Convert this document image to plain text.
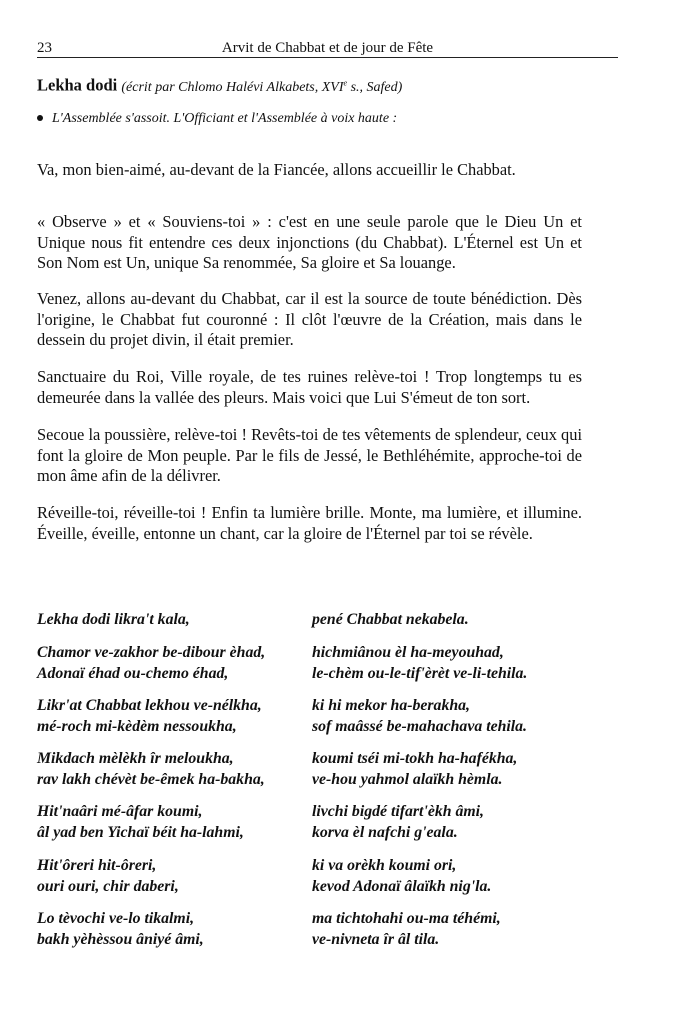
23	Arvit de Chabbat et de jour de Fête
Lekha dodi (écrit par Chlomo Halévi Alkabets, XVIe s., Safed)
L'Assemblée s'assoit. L'Officiant et l'Assemblée à voix haute :
Va, mon bien-aimé, au-devant de la Fiancée, allons accueillir le Chabbat.
« Observe » et « Souviens-toi » : c'est en une seule parole que le Dieu Un et Unique nous fit entendre ces deux injonctions (du Chabbat). L'Éternel est Un et Son Nom est Un, unique Sa renommée, Sa gloire et Sa louange.
Venez, allons au-devant du Chabbat, car il est la source de toute bénédiction. Dès l'origine, le Chabbat fut couronné : Il clôt l'œuvre de la Création, mais dans le dessein du projet divin, il était premier.
Sanctuaire du Roi, Ville royale, de tes ruines relève-toi ! Trop longtemps tu es demeurée dans la vallée des pleurs. Mais voici que Lui S'émeut de ton sort.
Secoue la poussière, relève-toi ! Revêts-toi de tes vêtements de splendeur, ceux qui font la gloire de Mon peuple. Par le fils de Jessé, le Bethléhémite, approche-toi de mon âme afin de la délivrer.
Réveille-toi, réveille-toi ! Enfin ta lumière brille. Monte, ma lumière, et illumine. Éveille, éveille, entonne un chant, car la gloire de l'Éternel par toi se révèle.
Lekha dodi likra't kala,
Chamor ve-zakhor be-dibour èhad,
Adonaï éhad ou-chemo éhad,
Likr'at Chabbat lekhou ve-nélkha,
mé-roch mi-kèdèm nessoukha,
Mikdach mèlèkh îr meloukha,
rav lakh chévèt be-êmek ha-bakha,
Hit'naâri mé-âfar koumi,
âl yad ben Yichaï béit ha-lahmi,
Hit'ôreri hit-ôreri,
ouri ouri, chir daberi,
Lo tèvochi ve-lo tikalmi,
bakh yèhèssou âniyé âmi,
pené Chabbat nekabela.
hichmiânou èl ha-meyouhad,
le-chèm ou-le-tif'èrèt ve-li-tehila.
ki hi mekor ha-berakha,
sof maâssé be-mahachava tehila.
koumi tséi mi-tokh ha-hafékha,
ve-hou yahmol alaïkh hèmla.
livchi bigdé tifart'èkh âmi,
korva èl nafchi g'eala.
ki va orèkh koumi ori,
kevod Adonaï âlaïkh nig'la.
ma tichtohahi ou-ma téhémi,
ve-nivneta îr âl tila.
